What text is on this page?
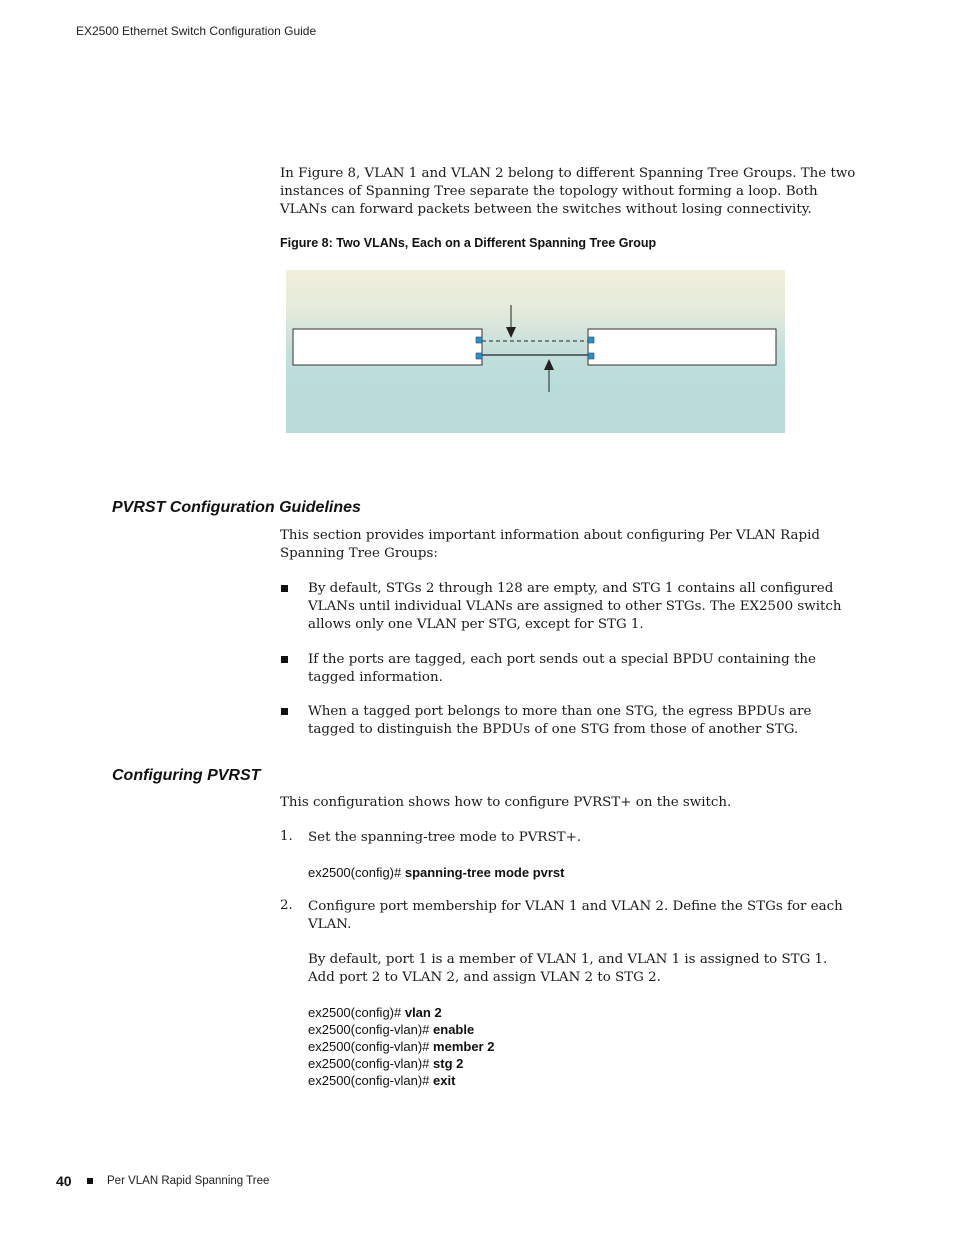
EX2500 Ethernet Switch Configuration Guide
In Figure 8, VLAN 1 and VLAN 2 belong to different Spanning Tree Groups. The two
instances of Spanning Tree separate the topology without forming a loop. Both
VLANs can forward packets between the switches without losing connectivity.
Figure 8: Two VLANs, Each on a Different Spanning Tree Group
PVRST Configuration Guidelines
This section provides important information about configuring Per VLAN Rapid
Spanning Tree Groups:
By default, STGs 2 through 128 are empty, and STG 1 contains all configured
VLANs until individual VLANs are assigned to other STGs. The EX2500 switch
allows only one VLAN per STG, except for STG 1.
If the ports are tagged, each port sends out a special BPDU containing the
tagged information.
When a tagged port belongs to more than one STG, the egress BPDUs are
tagged to distinguish the BPDUs of one STG from those of another STG.
Configuring PVRST
This configuration shows how to configure PVRST+ on the switch.
1. Set the spanning-tree mode to PVRST+.
ex2500(config)# spanning-tree mode pvrst
2. Configure port membership for VLAN 1 and VLAN 2. Define the STGs for each
VLAN.
By default, port 1 is a member of VLAN 1, and VLAN 1 is assigned to STG 1.
Add port 2 to VLAN 2, and assign VLAN 2 to STG 2.
ex2500(config)# vlan 2
ex2500(config-vlan)# enable
ex2500(config-vlan)# member 2
ex2500(config-vlan)# stg 2
ex2500(config-vlan)# exit
40	Per VLAN Rapid Spanning Tree
